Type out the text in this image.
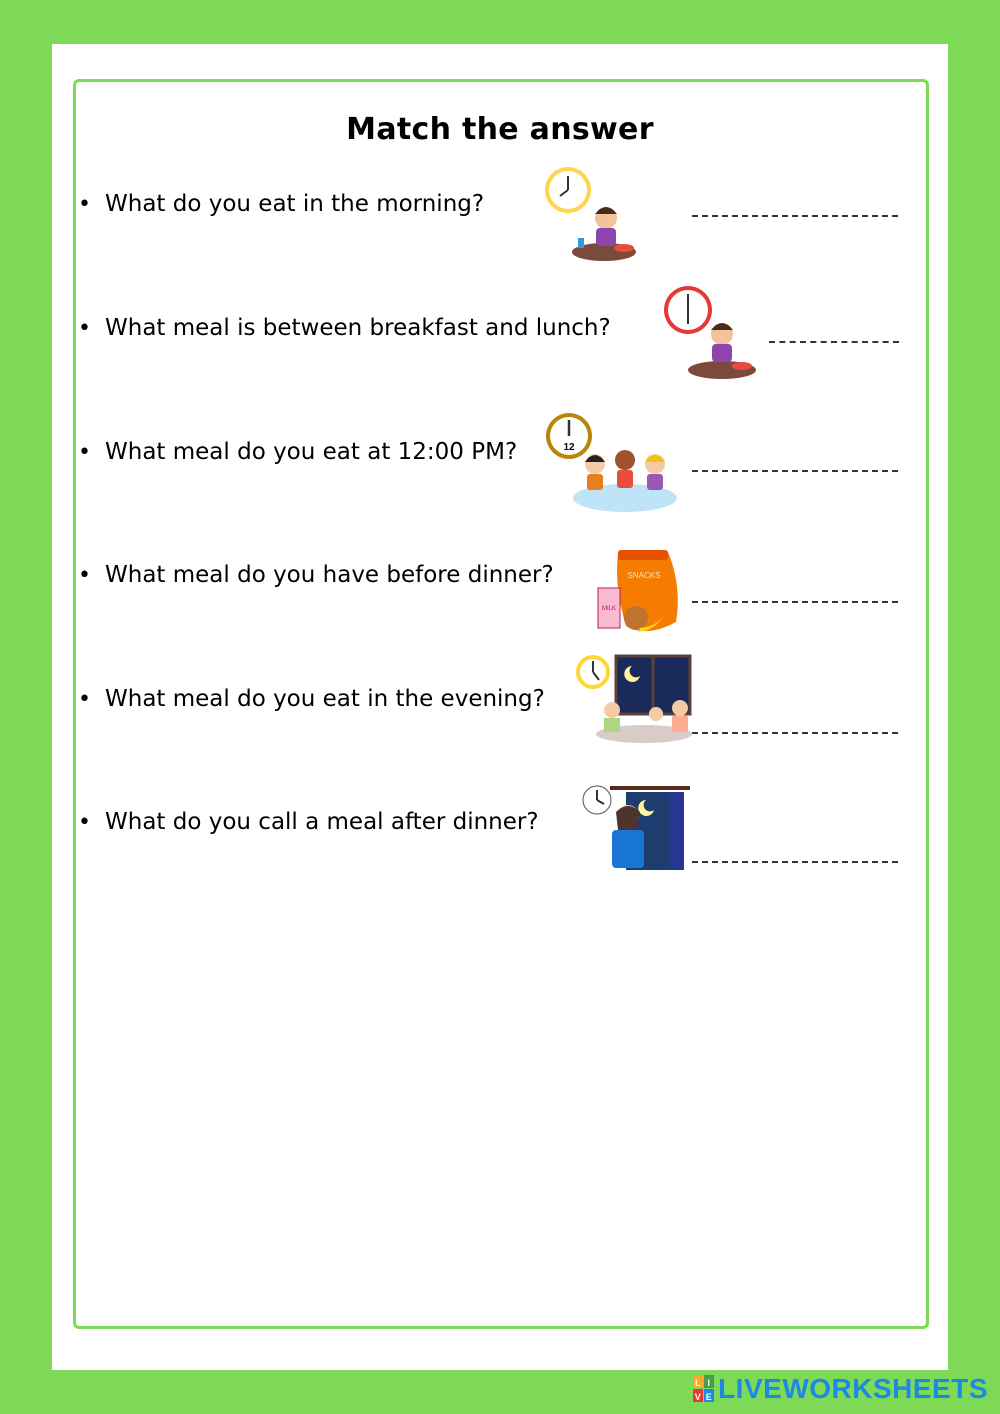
Match the answer
• What do you eat in the morning?
• What meal is between breakfast and lunch?
• What meal do you eat at 12:00 PM?	12
• What meal do you have before dinner?	SNACKS
MILK
• What meal do you eat in the evening?
• What do you call a meal after dinner?
L I
V E LIVEWORKSHEETS
